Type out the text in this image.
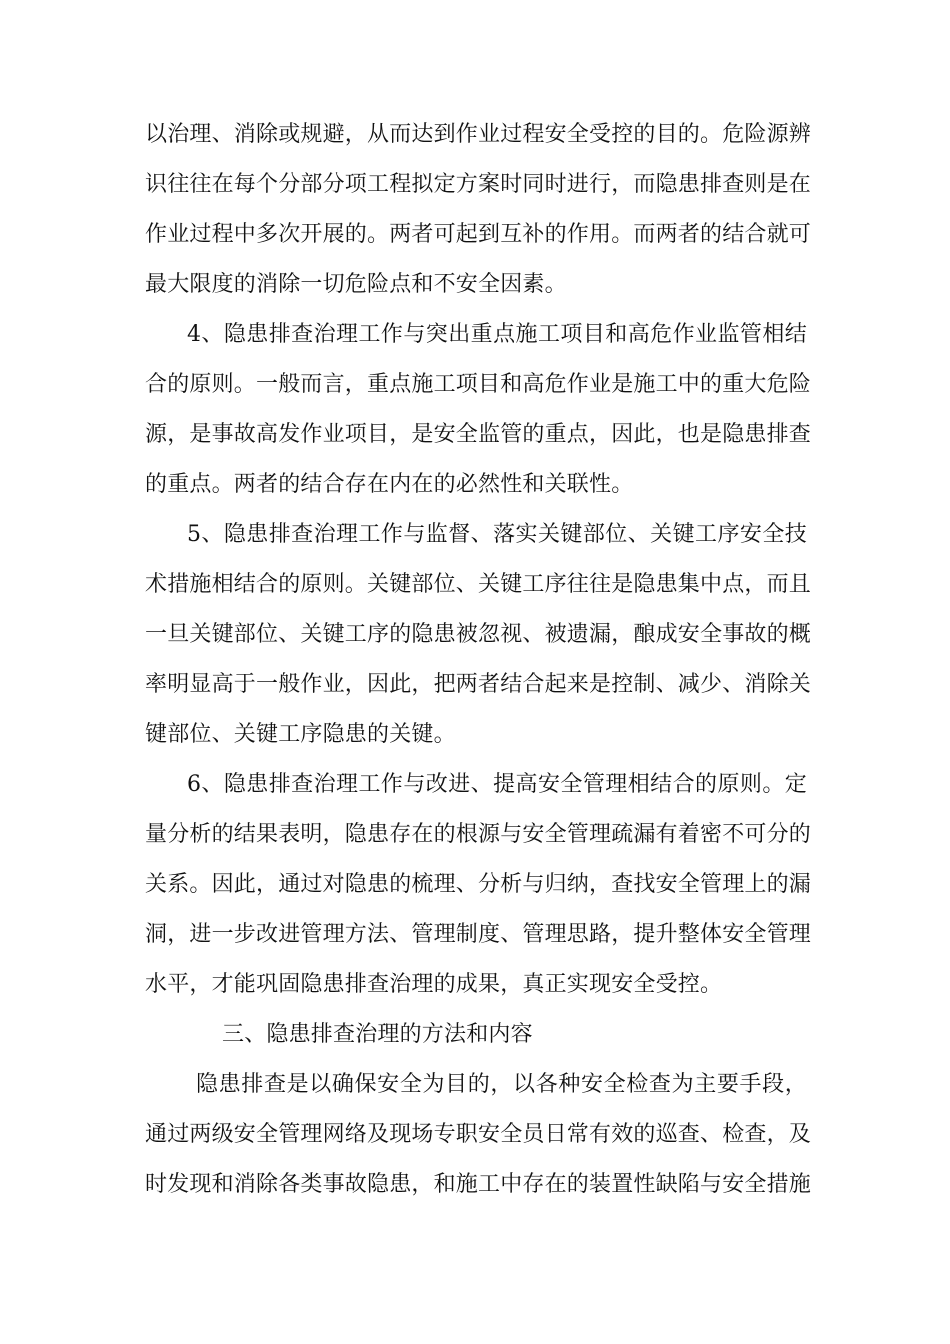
以治理、消除或规避，从而达到作业过程安全受控的目的。危险源辨
识往往在每个分部分项工程拟定方案时同时进行，而隐患排查则是在
作业过程中多次开展的。两者可起到互补的作用。而两者的结合就可
最大限度的消除一切危险点和不安全因素。
4、隐患排查治理工作与突出重点施工项目和高危作业监管相结
合的原则。一般而言，重点施工项目和高危作业是施工中的重大危险
源，是事故高发作业项目，是安全监管的重点，因此，也是隐患排查
的重点。两者的结合存在内在的必然性和关联性。
5、隐患排查治理工作与监督、落实关键部位、关键工序安全技
术措施相结合的原则。关键部位、关键工序往往是隐患集中点，而且
一旦关键部位、关键工序的隐患被忽视、被遗漏，酿成安全事故的概
率明显高于一般作业，因此，把两者结合起来是控制、减少、消除关
键部位、关键工序隐患的关键。
6、隐患排查治理工作与改进、提高安全管理相结合的原则。定
量分析的结果表明，隐患存在的根源与安全管理疏漏有着密不可分的
关系。因此，通过对隐患的梳理、分析与归纳，查找安全管理上的漏
洞，进一步改进管理方法、管理制度、管理思路，提升整体安全管理
水平，才能巩固隐患排查治理的成果，真正实现安全受控。
三、隐患排查治理的方法和内容
隐患排查是以确保安全为目的，以各种安全检查为主要手段，
通过两级安全管理网络及现场专职安全员日常有效的巡查、检查，及
时发现和消除各类事故隐患，和施工中存在的装置性缺陷与安全措施
